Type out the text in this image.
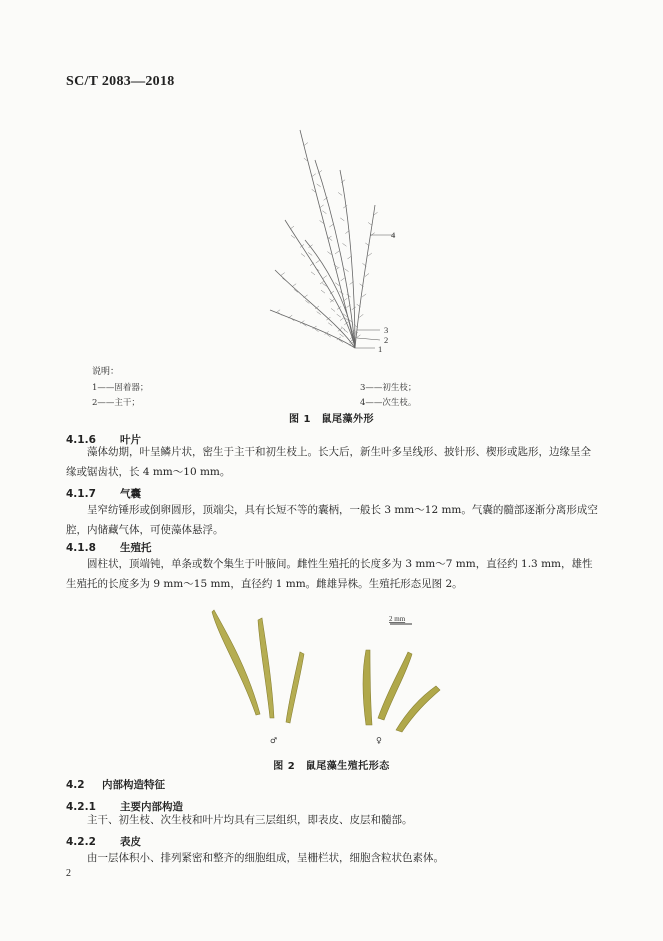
SC/T 2083—2018
4
3
2
1
说明：
1——固着器；
2——主干；
3——初生枝；
4——次生枝。
图 1　鼠尾藻外形
4.1.6 叶片

藻体幼期，叶呈鳞片状，密生于主干和初生枝上。长大后，新生叶多呈线形、披针形、楔形或匙形，边缘呈全缘或锯齿状，长 4 mm～10 mm。

4.1.7 气囊

呈窄纺锤形或倒卵圆形，顶端尖，具有长短不等的囊柄，一般长 3 mm～12 mm。气囊的髓部逐渐分离形成空腔，内储藏气体，可使藻体悬浮。

4.1.8 生殖托

圆柱状，顶端钝，单条或数个集生于叶腋间。雌性生殖托的长度多为 3 mm～7 mm，直径约 1.3 mm，雄性生殖托的长度多为 9 mm～15 mm，直径约 1 mm。雌雄异株。生殖托形态见图 2。

2 mm
♂	♀
图 2　鼠尾藻生殖托形态
4.2 内部构造特征
4.2.1 主要内部构造

主干、初生枝、次生枝和叶片均具有三层组织，即表皮、皮层和髓部。

4.2.2 表皮

由一层体积小、排列紧密和整齐的细胞组成，呈栅栏状，细胞含粒状色素体。

2
